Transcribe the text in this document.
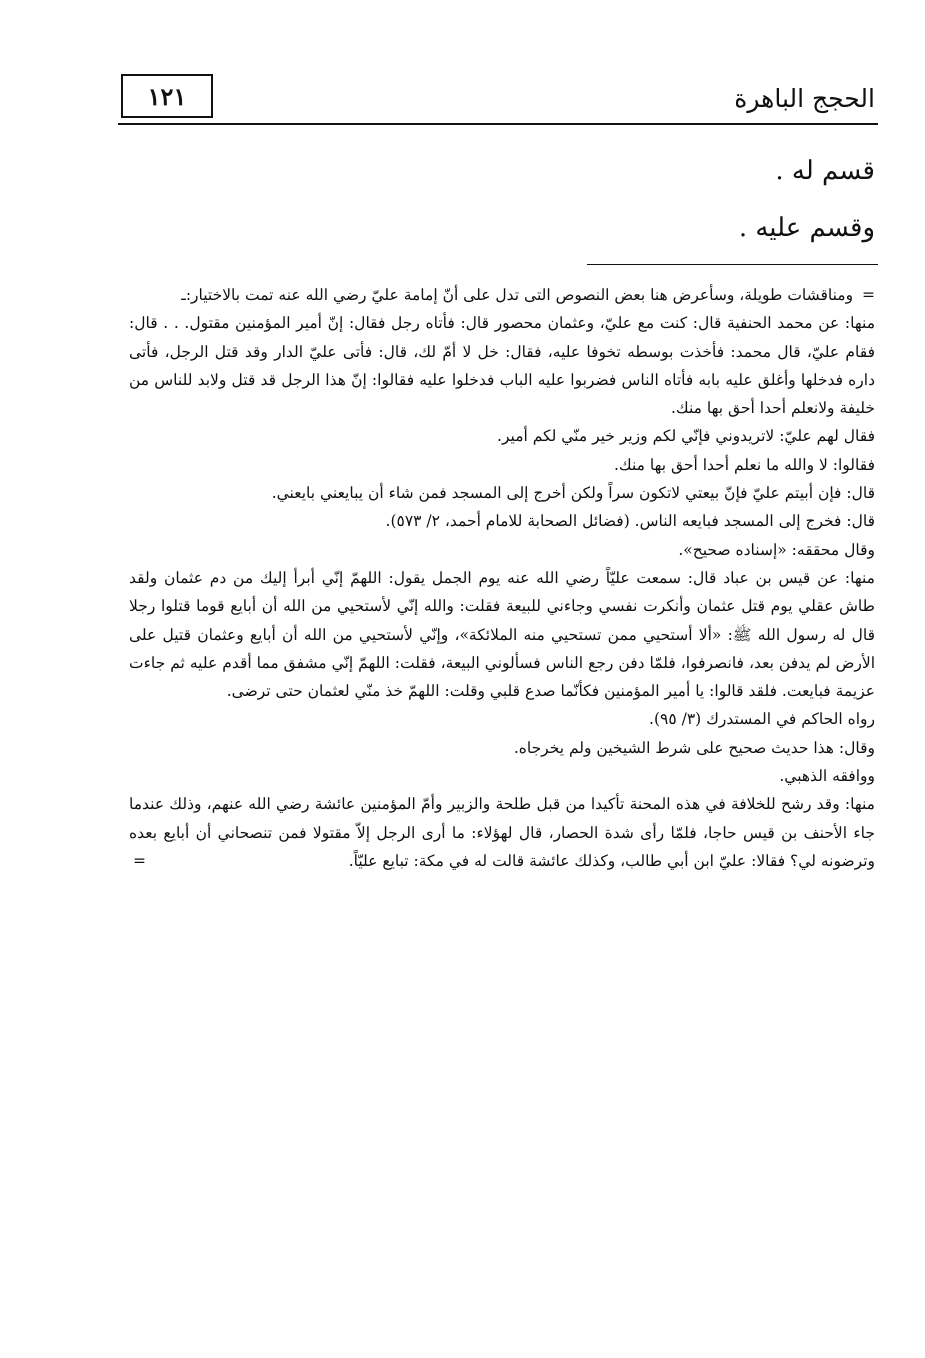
الحجج الباهرة
١٢١
قسم له .
وقسم عليه .

= ومناقشات طويلة، وسأعرض هنا بعض النصوص التى تدل على أنّ إمامة عليّ رضي الله عنه تمت بالاختيار:ـ

منها: عن محمد الحنفية قال: كنت مع عليّ، وعثمان محصور قال: فأتاه رجل فقال: إنّ أمير المؤمنين مقتول. . . قال: فقام عليّ، قال محمد: فأخذت بوسطه تخوفا عليه، فقال: خل لا أمّ لك، قال: فأتى عليّ الدار وقد قتل الرجل، فأتى داره فدخلها وأغلق عليه بابه فأتاه الناس فضربوا عليه الباب فدخلوا عليه فقالوا: إنّ هذا الرجل قد قتل ولابد للناس من خليفة ولانعلم أحدا أحق بها منك.

فقال لهم عليّ: لاتريدوني فإنّي لكم وزير خير منّي لكم أمير.

فقالوا: لا والله ما نعلم أحدا أحق بها منك.

قال: فإن أبيتم عليّ فإنّ بيعتي لاتكون سراً ولكن أخرج إلى المسجد فمن شاء أن يبايعني بايعني.

قال: فخرج إلى المسجد فبايعه الناس. (فضائل الصحابة للامام أحمد، ٢/ ٥٧٣).

وقال محققه: «إسناده صحيح».

منها: عن قيس بن عباد قال: سمعت عليّاً رضي الله عنه يوم الجمل يقول: اللهمّ إنّي أبرأ إليك من دم عثمان ولقد طاش عقلي يوم قتل عثمان وأنكرت نفسي وجاءني للبيعة فقلت: والله إنّي لأستحيي من الله أن أبايع قوما قتلوا رجلا قال له رسول الله ﷺ: «ألا أستحيي ممن تستحيي منه الملائكة»، وإنّي لأستحيي من الله أن أبايع وعثمان قتيل على الأرض لم يدفن بعد، فانصرفوا، فلمّا دفن رجع الناس فسألوني البيعة، فقلت: اللهمّ إنّي مشفق مما أقدم عليه ثم جاءت عزيمة فبايعت. فلقد قالوا: يا أمير المؤمنين فكأنّما صدع قلبي وقلت: اللهمّ خذ منّي لعثمان حتى ترضى.

رواه الحاكم في المستدرك (٣/ ٩٥).

وقال: هذا حديث صحيح على شرط الشيخين ولم يخرجاه.

ووافقه الذهبي.

منها: وقد رشح للخلافة في هذه المحنة تأكيدا من قبل طلحة والزبير وأمّ المؤمنين عائشة رضي الله عنهم، وذلك عندما جاء الأحنف بن قيس حاجا، فلمّا رأى شدة الحصار، قال لهؤلاء: ما أرى الرجل إلاّ مقتولا فمن تنصحاني أن أبايع بعده وترضونه لي؟ فقالا: عليّ ابن أبي طالب، وكذلك عائشة قالت له في مكة: تبايع عليّاً.
=
